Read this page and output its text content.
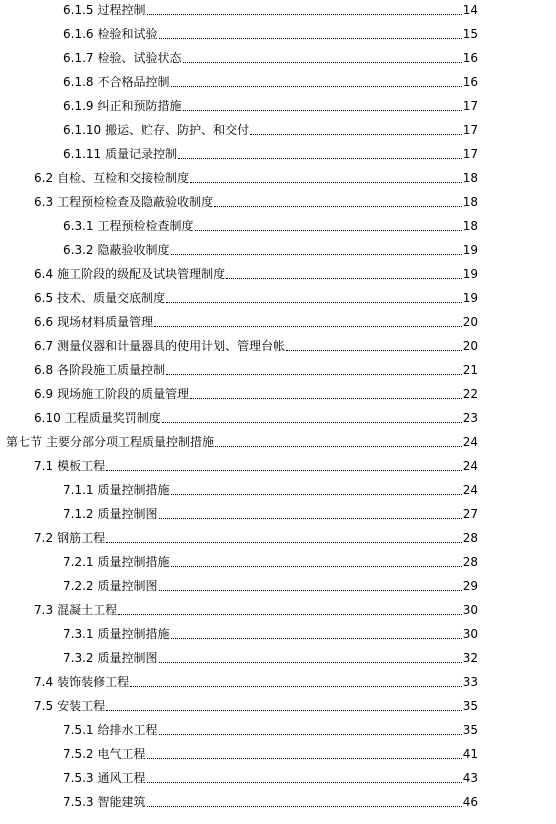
6.1.5 过程控制	14
6.1.6 检验和试验	15
6.1.7 检验、试验状态	16
6.1.8 不合格品控制	16
6.1.9 纠正和预防措施	17
6.1.10 搬运、贮存、防护、和交付	17
6.1.11 质量记录控制	17
6.2 自检、互检和交接检制度	18
6.3 工程预检检查及隐蔽验收制度	18
6.3.1 工程预检检查制度	18
6.3.2 隐蔽验收制度	19
6.4 施工阶段的级配及试块管理制度	19
6.5 技术、质量交底制度	19
6.6 现场材料质量管理	20
6.7 测量仪器和计量器具的使用计划、管理台帐	20
6.8 各阶段施工质量控制	21
6.9 现场施工阶段的质量管理	22
6.10 工程质量奖罚制度	23
第七节 主要分部分项工程质量控制措施	24
7.1 模板工程	24
7.1.1 质量控制措施	24
7.1.2 质量控制图	27
7.2 钢筋工程	28
7.2.1 质量控制措施	28
7.2.2 质量控制图	29
7.3 混凝土工程	30
7.3.1 质量控制措施	30
7.3.2 质量控制图	32
7.4 装饰装修工程	33
7.5 安装工程	35
7.5.1 给排水工程	35
7.5.2 电气工程	41
7.5.3 通风工程	43
7.5.3 智能建筑	46
